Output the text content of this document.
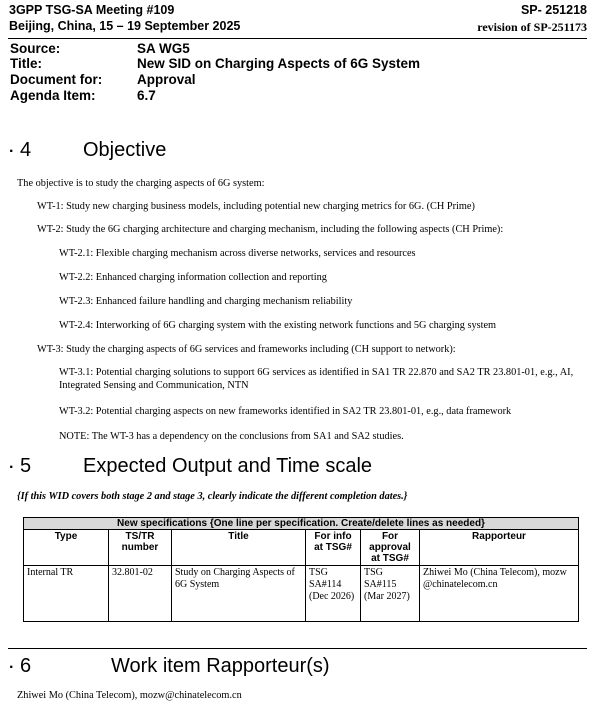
3GPP TSG-SA Meeting #109
Beijing, China, 15 – 19 September 2025
SP- 251218
revision of SP-251173
Source:	SA WG5
Title:	New SID on Charging Aspects of 6G System
Document for:	Approval
Agenda Item:	6.7
· 4	Objective
The objective is to study the charging aspects of 6G system:
WT-1: Study new charging business models, including potential new charging metrics for 6G. (CH Prime)
WT-2: Study the 6G charging architecture and charging mechanism, including the following aspects (CH Prime):
WT-2.1: Flexible charging mechanism across diverse networks, services and resources
WT-2.2: Enhanced charging information collection and reporting
WT-2.3: Enhanced failure handling and charging mechanism reliability
WT-2.4: Interworking of 6G charging system with the existing network functions and 5G charging system
WT-3: Study the charging aspects of 6G services and frameworks including (CH support to network):
WT-3.1: Potential charging solutions to support 6G services as identified in SA1 TR 22.870 and SA2 TR 23.801-01, e.g., AI, Integrated Sensing and Communication, NTN
WT-3.2: Potential charging aspects on new frameworks identified in SA2 TR 23.801-01, e.g., data framework
NOTE: The WT-3 has a dependency on the conclusions from SA1 and SA2 studies.
· 5	Expected Output and Time scale
{If this WID covers both stage 2 and stage 3, clearly indicate the different completion dates.}
New specifications {One line per specification. Create/delete lines as needed}					
Type	TS/TR number	Title	For info at TSG#	For approval at TSG#	Rapporteur
Internal TR	32.801-02	Study on Charging Aspects of 6G System	TSG SA#114 (Dec 2026)	TSG SA#115 (Mar 2027)	Zhiwei Mo (China Telecom), mozw@chinatelecom.cn
· 6	Work item Rapporteur(s)
Zhiwei Mo (China Telecom), mozw@chinatelecom.cn
